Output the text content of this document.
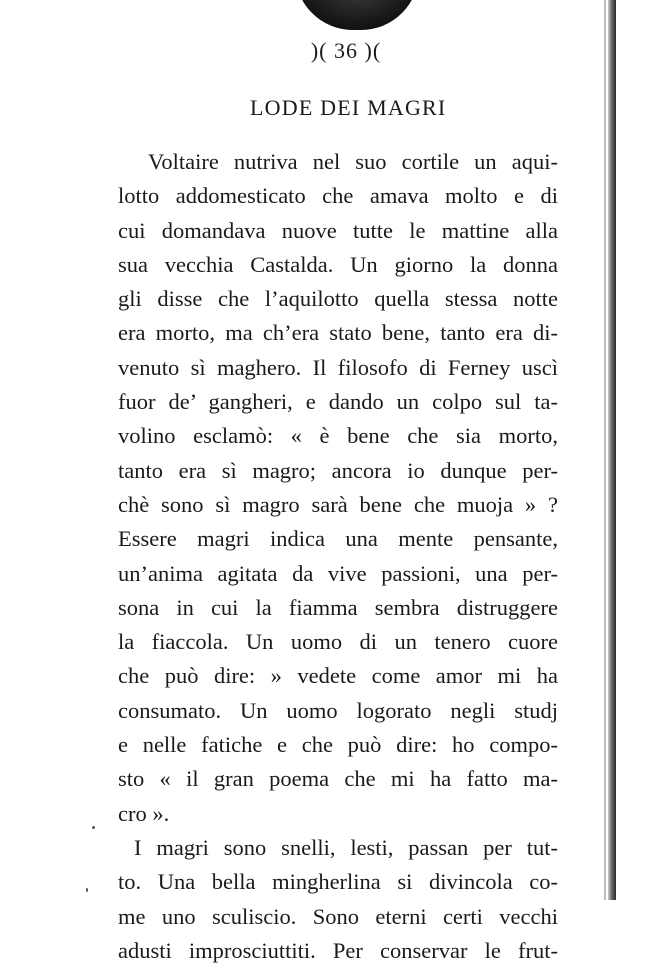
)( 36 )(
LODE DEI MAGRI
Voltaire nutriva nel suo cortile un aqui-
lotto addomesticato che amava molto e di
cui domandava nuove tutte le mattine alla
sua vecchia Castalda. Un giorno la donna
gli disse che l’aquilotto quella stessa notte
era morto, ma ch’era stato bene, tanto era di-
venuto sì maghero. Il filosofo di Ferney uscì
fuor de’ gangheri, e dando un colpo sul ta-
volino esclamò: « è bene che sia morto,
tanto era sì magro; ancora io dunque per-
chè sono sì magro sarà bene che muoja » ?
Essere magri indica una mente pensante,
un’anima agitata da vive passioni, una per-
sona in cui la fiamma sembra distruggere
la fiaccola. Un uomo di un tenero cuore
che può dire: » vedete come amor mi ha
consumato. Un uomo logorato negli studj
e nelle fatiche e che può dire: ho compo-
sto « il gran poema che mi ha fatto ma-
cro ».
I magri sono snelli, lesti, passan per tut-
to. Una bella mingherlina si divincola co-
me uno sculiscio. Sono eterni certi vecchi
adusti improsciuttiti. Per conservar le frut-
